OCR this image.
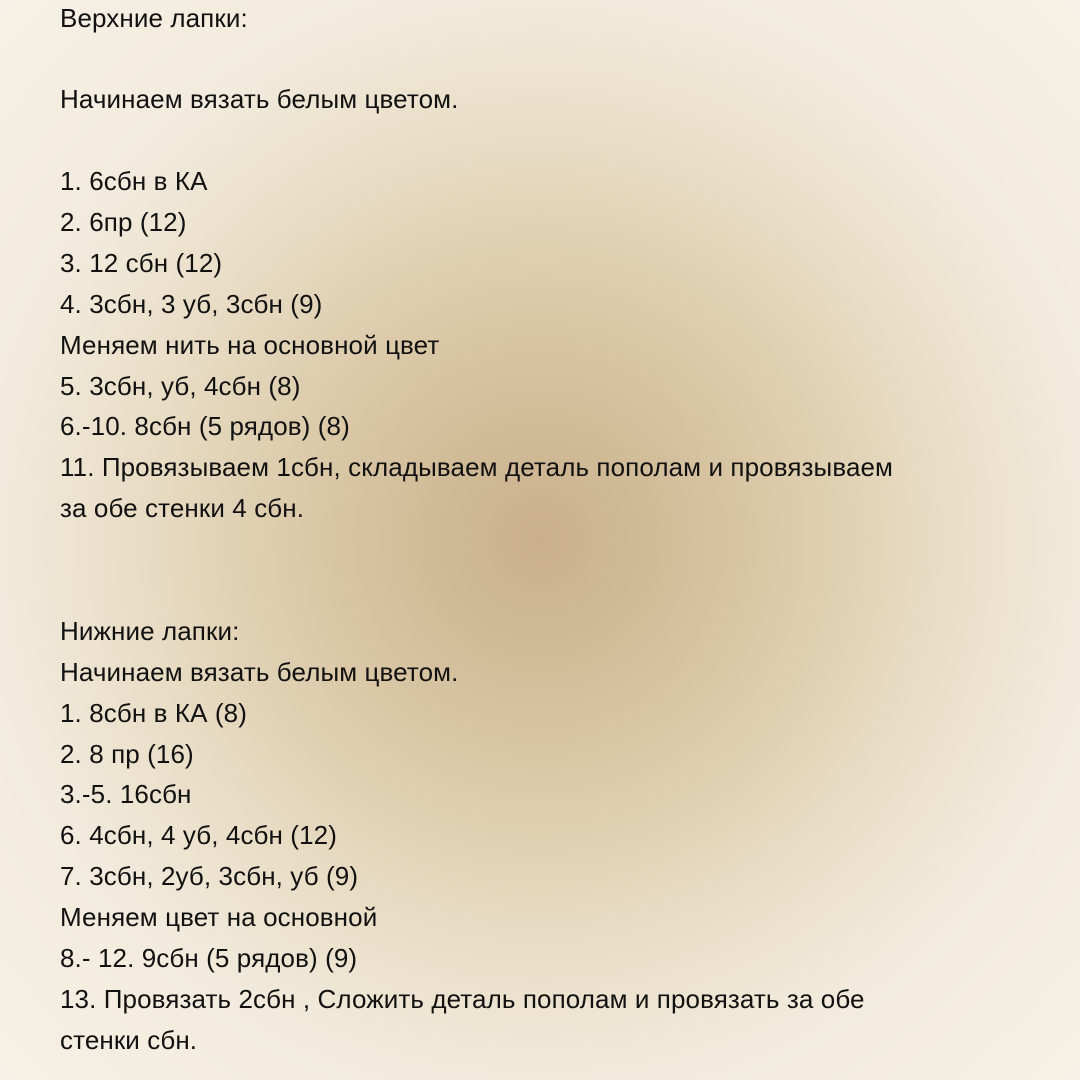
Верхние лапки:
Начинаем вязать белым цветом.
1. 6сбн в КА
2. 6пр (12)
3. 12 сбн (12)
4. 3сбн, 3 уб, 3сбн (9)
Меняем нить на основной цвет
5. 3сбн, уб, 4сбн (8)
6.-10. 8сбн (5 рядов) (8)
11. Провязываем 1сбн, складываем деталь пополам и провязываем
за обе стенки 4 сбн.
Нижние лапки:
Начинаем вязать белым цветом.
1. 8сбн в КА (8)
2. 8 пр (16)
3.-5. 16сбн
6. 4сбн, 4 уб, 4сбн (12)
7. 3сбн, 2уб, 3сбн, уб (9)
Меняем цвет на основной
8.- 12. 9сбн (5 рядов) (9)
13. Провязать 2сбн , Сложить деталь пополам и провязать за обе
стенки сбн.
